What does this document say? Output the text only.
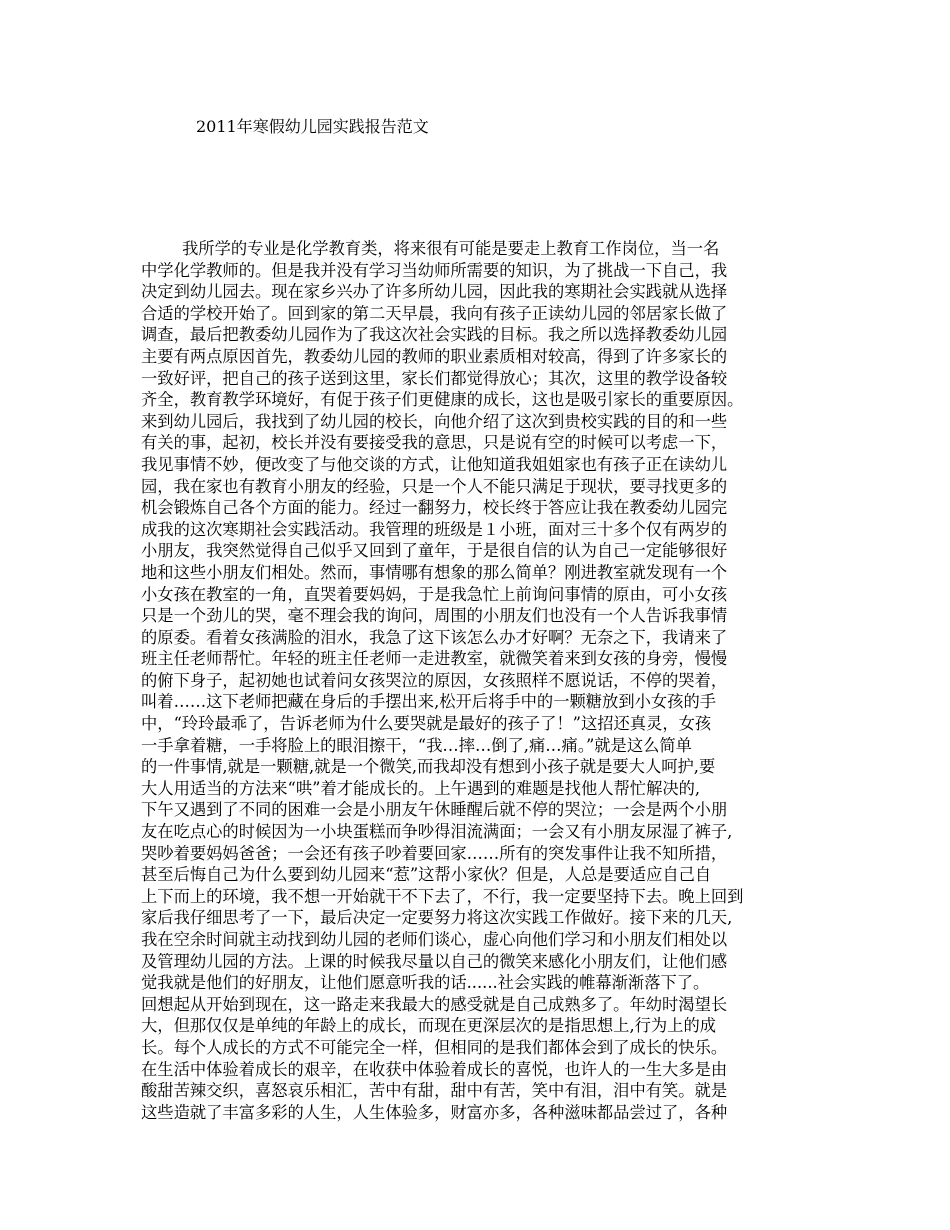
2011年寒假幼儿园实践报告范文
我所学的专业是化学教育类，将来很有可能是要走上教育工作岗位，当一名
中学化学教师的。但是我并没有学习当幼师所需要的知识，为了挑战一下自己，我
决定到幼儿园去。现在家乡兴办了许多所幼儿园，因此我的寒期社会实践就从选择
合适的学校开始了。回到家的第二天早晨，我向有孩子正读幼儿园的邻居家长做了
调查，最后把教委幼儿园作为了我这次社会实践的目标。我之所以选择教委幼儿园
主要有两点原因首先，教委幼儿园的教师的职业素质相对较高，得到了许多家长的
一致好评，把自己的孩子送到这里，家长们都觉得放心；其次，这里的教学设备较
齐全，教育教学环境好，有促于孩子们更健康的成长，这也是吸引家长的重要原因。
来到幼儿园后，我找到了幼儿园的校长，向他介绍了这次到贵校实践的目的和一些
有关的事，起初，校长并没有要接受我的意思，只是说有空的时候可以考虑一下，
我见事情不妙，便改变了与他交谈的方式，让他知道我姐姐家也有孩子正在读幼儿
园，我在家也有教育小朋友的经验，只是一个人不能只满足于现状，要寻找更多的
机会锻炼自己各个方面的能力。经过一翻努力，校长终于答应让我在教委幼儿园完
成我的这次寒期社会实践活动。我管理的班级是１小班，面对三十多个仅有两岁的
小朋友，我突然觉得自己似乎又回到了童年，于是很自信的认为自己一定能够很好
地和这些小朋友们相处。然而，事情哪有想象的那么简单？刚进教室就发现有一个
小女孩在教室的一角，直哭着要妈妈，于是我急忙上前询问事情的原由，可小女孩
只是一个劲儿的哭，毫不理会我的询问，周围的小朋友们也没有一个人告诉我事情
的原委。看着女孩满脸的泪水，我急了这下该怎么办才好啊？无奈之下，我请来了
班主任老师帮忙。年轻的班主任老师一走进教室，就微笑着来到女孩的身旁，慢慢
的俯下身子，起初她也试着问女孩哭泣的原因，女孩照样不愿说话，不停的哭着，
叫着……这下老师把藏在身后的手摆出来,松开后将手中的一颗糖放到小女孩的手
中，“玲玲最乖了，告诉老师为什么要哭就是最好的孩子了！”这招还真灵，女孩
一手拿着糖，一手将脸上的眼泪擦干，“我…摔…倒了,痛…痛。”就是这么简单
的一件事情,就是一颗糖,就是一个微笑,而我却没有想到小孩子就是要大人呵护,要
大人用适当的方法来“哄”着才能成长的。上午遇到的难题是找他人帮忙解决的,
下午又遇到了不同的困难一会是小朋友午休睡醒后就不停的哭泣；一会是两个小朋
友在吃点心的时候因为一小块蛋糕而争吵得泪流满面；一会又有小朋友尿湿了裤子,
哭吵着要妈妈爸爸；一会还有孩子吵着要回家……所有的突发事件让我不知所措，
甚至后悔自己为什么要到幼儿园来“惹”这帮小家伙？但是，人总是要适应自己自
上下而上的环境，我不想一开始就干不下去了，不行，我一定要坚持下去。晚上回到
家后我仔细思考了一下，最后决定一定要努力将这次实践工作做好。接下来的几天,
我在空余时间就主动找到幼儿园的老师们谈心，虚心向他们学习和小朋友们相处以
及管理幼儿园的方法。上课的时候我尽量以自己的微笑来感化小朋友们，让他们感
觉我就是他们的好朋友，让他们愿意听我的话......社会实践的帷幕渐渐落下了。
回想起从开始到现在，这一路走来我最大的感受就是自己成熟多了。年幼时渴望长
大，但那仅仅是单纯的年龄上的成长，而现在更深层次的是指思想上,行为上的成
长。每个人成长的方式不可能完全一样，但相同的是我们都体会到了成长的快乐。
在生活中体验着成长的艰辛，在收获中体验着成长的喜悦，也许人的一生大多是由
酸甜苦辣交织，喜怒哀乐相汇，苦中有甜，甜中有苦，笑中有泪，泪中有笑。就是
这些造就了丰富多彩的人生，人生体验多，财富亦多，各种滋味都品尝过了，各种
